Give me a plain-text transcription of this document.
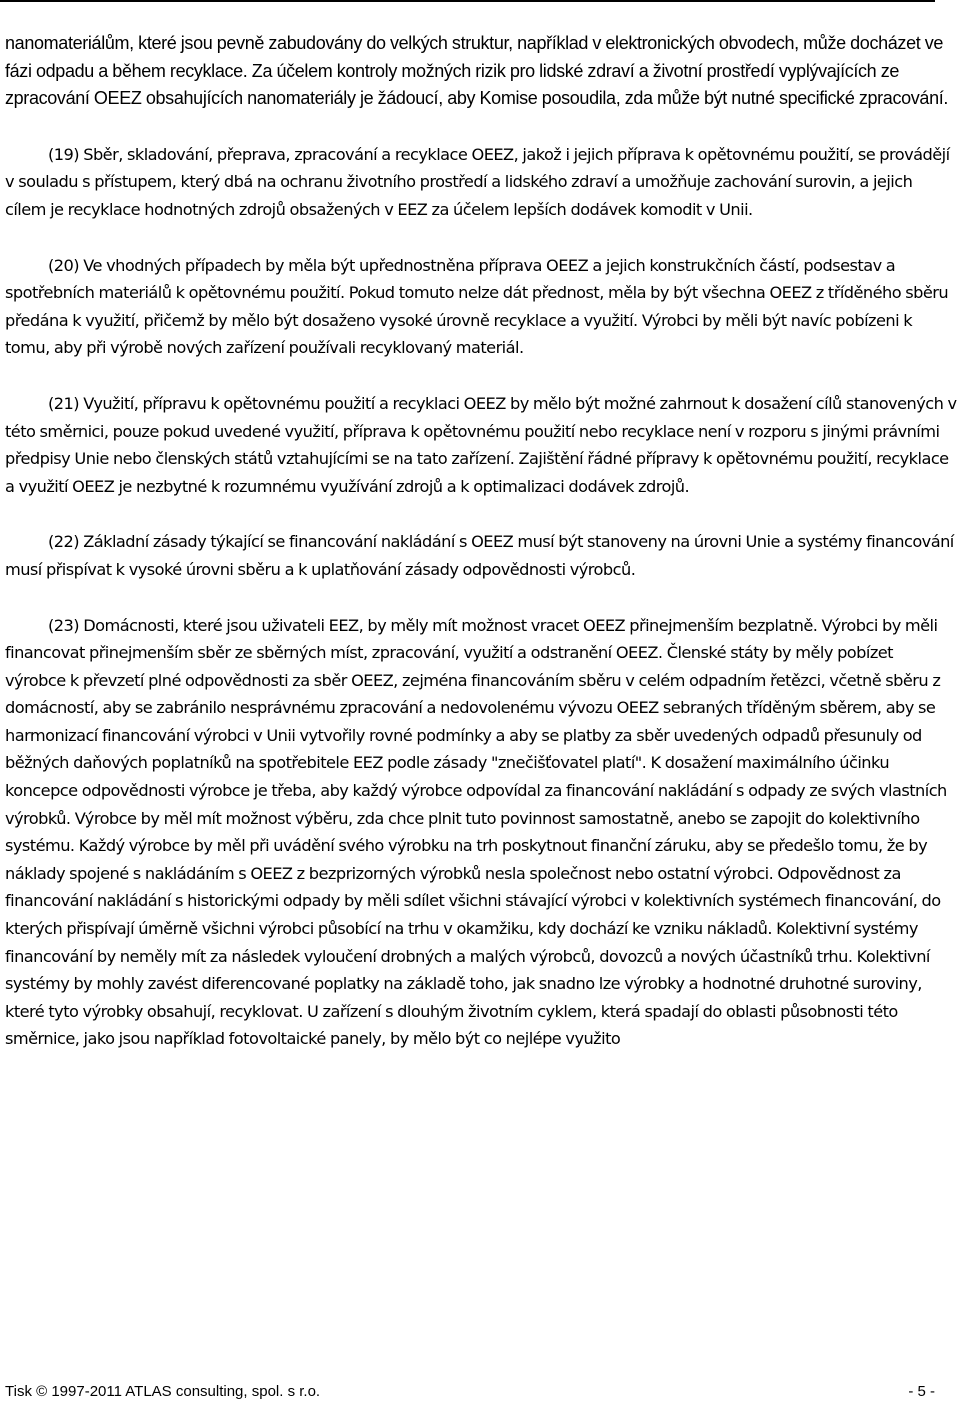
nanomateriálům, které jsou pevně zabudovány do velkých struktur, například v elektronických obvodech, může docházet ve fázi odpadu a během recyklace. Za účelem kontroly možných rizik pro lidské zdraví a životní prostředí vyplývajících ze zpracování OEEZ obsahujících nanomateriály je žádoucí, aby Komise posoudila, zda může být nutné specifické zpracování.

(19) Sběr, skladování, přeprava, zpracování a recyklace OEEZ, jakož i jejich příprava k opětovnému použití, se provádějí v souladu s přístupem, který dbá na ochranu životního prostředí a lidského zdraví a umožňuje zachování surovin, a jejich cílem je recyklace hodnotných zdrojů obsažených v EEZ za účelem lepších dodávek komodit v Unii.

(20) Ve vhodných případech by měla být upřednostněna příprava OEEZ a jejich konstrukčních částí, podsestav a spotřebních materiálů k opětovnému použití. Pokud tomuto nelze dát přednost, měla by být všechna OEEZ z tříděného sběru předána k využití, přičemž by mělo být dosaženo vysoké úrovně recyklace a využití. Výrobci by měli být navíc pobízeni k tomu, aby při výrobě nových zařízení používali recyklovaný materiál.

(21) Využití, přípravu k opětovnému použití a recyklaci OEEZ by mělo být možné zahrnout k dosažení cílů stanovených v této směrnici, pouze pokud uvedené využití, příprava k opětovnému použití nebo recyklace není v rozporu s jinými právními předpisy Unie nebo členských států vztahujícími se na tato zařízení. Zajištění řádné přípravy k opětovnému použití, recyklace a využití OEEZ je nezbytné k rozumnému využívání zdrojů a k optimalizaci dodávek zdrojů.

(22) Základní zásady týkající se financování nakládání s OEEZ musí být stanoveny na úrovni Unie a systémy financování musí přispívat k vysoké úrovni sběru a k uplatňování zásady odpovědnosti výrobců.

(23) Domácnosti, které jsou uživateli EEZ, by měly mít možnost vracet OEEZ přinejmenším bezplatně. Výrobci by měli financovat přinejmenším sběr ze sběrných míst, zpracování, využití a odstranění OEEZ. Členské státy by měly pobízet výrobce k převzetí plné odpovědnosti za sběr OEEZ, zejména financováním sběru v celém odpadním řetězci, včetně sběru z domácností, aby se zabránilo nesprávnému zpracování a nedovolenému vývozu OEEZ sebraných tříděným sběrem, aby se harmonizací financování výrobci v Unii vytvořily rovné podmínky a aby se platby za sběr uvedených odpadů přesunuly od běžných daňových poplatníků na spotřebitele EEZ podle zásady "znečišťovatel platí". K dosažení maximálního účinku koncepce odpovědnosti výrobce je třeba, aby každý výrobce odpovídal za financování nakládání s odpady ze svých vlastních výrobků. Výrobce by měl mít možnost výběru, zda chce plnit tuto povinnost samostatně, anebo se zapojit do kolektivního systému. Každý výrobce by měl při uvádění svého výrobku na trh poskytnout finanční záruku, aby se předešlo tomu, že by náklady spojené s nakládáním s OEEZ z bezprizorných výrobků nesla společnost nebo ostatní výrobci. Odpovědnost za financování nakládání s historickými odpady by měli sdílet všichni stávající výrobci v kolektivních systémech financování, do kterých přispívají úměrně všichni výrobci působící na trhu v okamžiku, kdy dochází ke vzniku nákladů. Kolektivní systémy financování by neměly mít za následek vyloučení drobných a malých výrobců, dovozců a nových účastníků trhu. Kolektivní systémy by mohly zavést diferencované poplatky na základě toho, jak snadno lze výrobky a hodnotné druhotné suroviny, které tyto výrobky obsahují, recyklovat. U zařízení s dlouhým životním cyklem, která spadají do oblasti působnosti této směrnice, jako jsou například fotovoltaické panely, by mělo být co nejlépe využito

Tisk © 1997-2011 ATLAS consulting, spol. s r.o.	- 5 -
